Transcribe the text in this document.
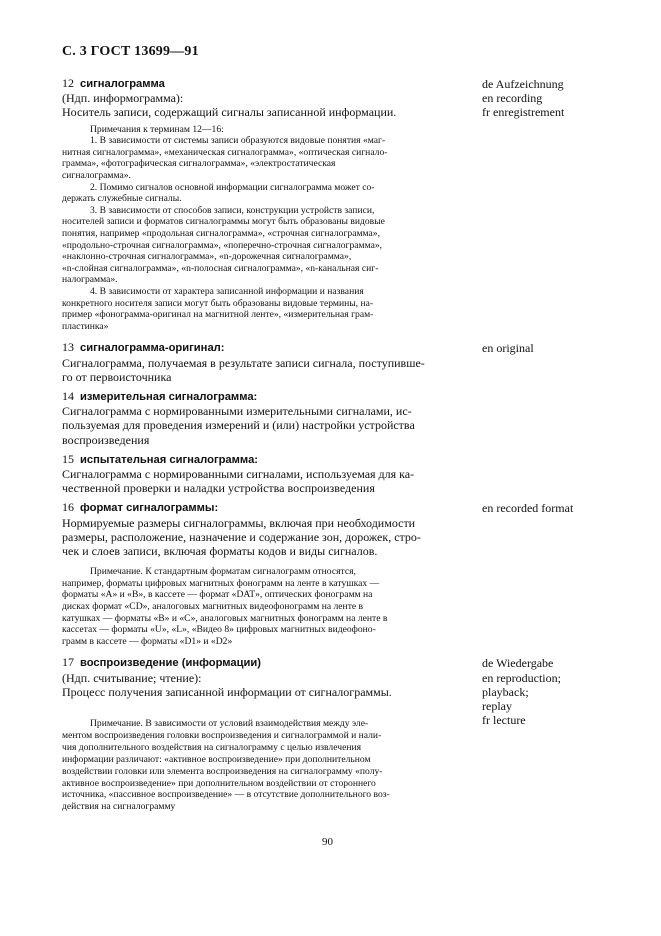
С. 3 ГОСТ 13699—91
12 сигналограмма
(Ндп. информограмма):
Носитель записи, содержащий сигналы записанной информации.
de Aufzeichnung
en recording
fr enregistrement
Примечания к терминам 12—16:
1. В зависимости от системы записи образуются видовые понятия «маг-
нитная сигналограмма», «механическая сигналограмма», «оптическая сигнало-
грамма», «фотографическая сигналограмма», «электростатическая
сигналограмма».
2. Помимо сигналов основной информации сигналограмма может со-
держать служебные сигналы.
3. В зависимости от способов записи, конструкции устройств записи,
носителей записи и форматов сигналограммы могут быть образованы видовые
понятия, например «продольная сигналограмма», «строчная сигналограмма»,
«продольно-строчная сигналограмма», «поперечно-строчная сигналограмма»,
«наклонно-строчная сигналограмма», «n-дорожечная сигналограмма»,
«n-слойная сигналограмма», «n-полосная сигналограмма», «n-канальная сиг-
налограмма».
4. В зависимости от характера записанной информации и названия
конкретного носителя записи могут быть образованы видовые термины, на-
пример «фонограмма-оригинал на магнитной ленте», «измерительная грам-
пластинка»
13 сигналограмма-оригинал:
Сигналограмма, получаемая в результате записи сигнала, поступивше-
го от первоисточника
en original
14 измерительная сигналограмма:
Сигналограмма с нормированными измерительными сигналами, ис-
пользуемая для проведения измерений и (или) настройки устройства
воспроизведения
15 испытательная сигналограмма:
Сигналограмма с нормированными сигналами, используемая для ка-
чественной проверки и наладки устройства воспроизведения
16 формат сигналограммы:
Нормируемые размеры сигналограммы, включая при необходимости
размеры, расположение, назначение и содержание зон, дорожек, стро-
чек и слоев записи, включая форматы кодов и виды сигналов.
en recorded format
Примечание. К стандартным форматам сигналограмм относятся,
например, форматы цифровых магнитных фонограмм на ленте в катушках —
форматы «А» и «В», в кассете — формат «DAT», оптических фонограмм на
дисках формат «CD», аналоговых магнитных видеофонограмм на ленте в
катушках — форматы «В» и «С», аналоговых магнитных фонограмм на ленте в
кассетах — форматы «U», «L», «Видео 8» цифровых магнитных видеофоно-
грамм в кассете — форматы «D1» и «D2»
17 воспроизведение (информации)
(Ндп. считывание; чтение):
Процесс получения записанной информации от сигналограммы.
de Wiedergabe
en reproduction;
playback;
replay
fr lecture
Примечание. В зависимости от условий взаимодействия между эле-
ментом воспроизведения головки воспроизведения и сигналограммой и нали-
чия дополнительного воздействия на сигналограмму с целью извлечения
информации различают: «активное воспроизведение» при дополнительном
воздействии головки или элемента воспроизведения на сигналограмму «полу-
активное воспроизведение» при дополнительном воздействии от стороннего
источника, «пассивное воспроизведение» — в отсутствие дополнительного воз-
действия на сигналограмму
90
